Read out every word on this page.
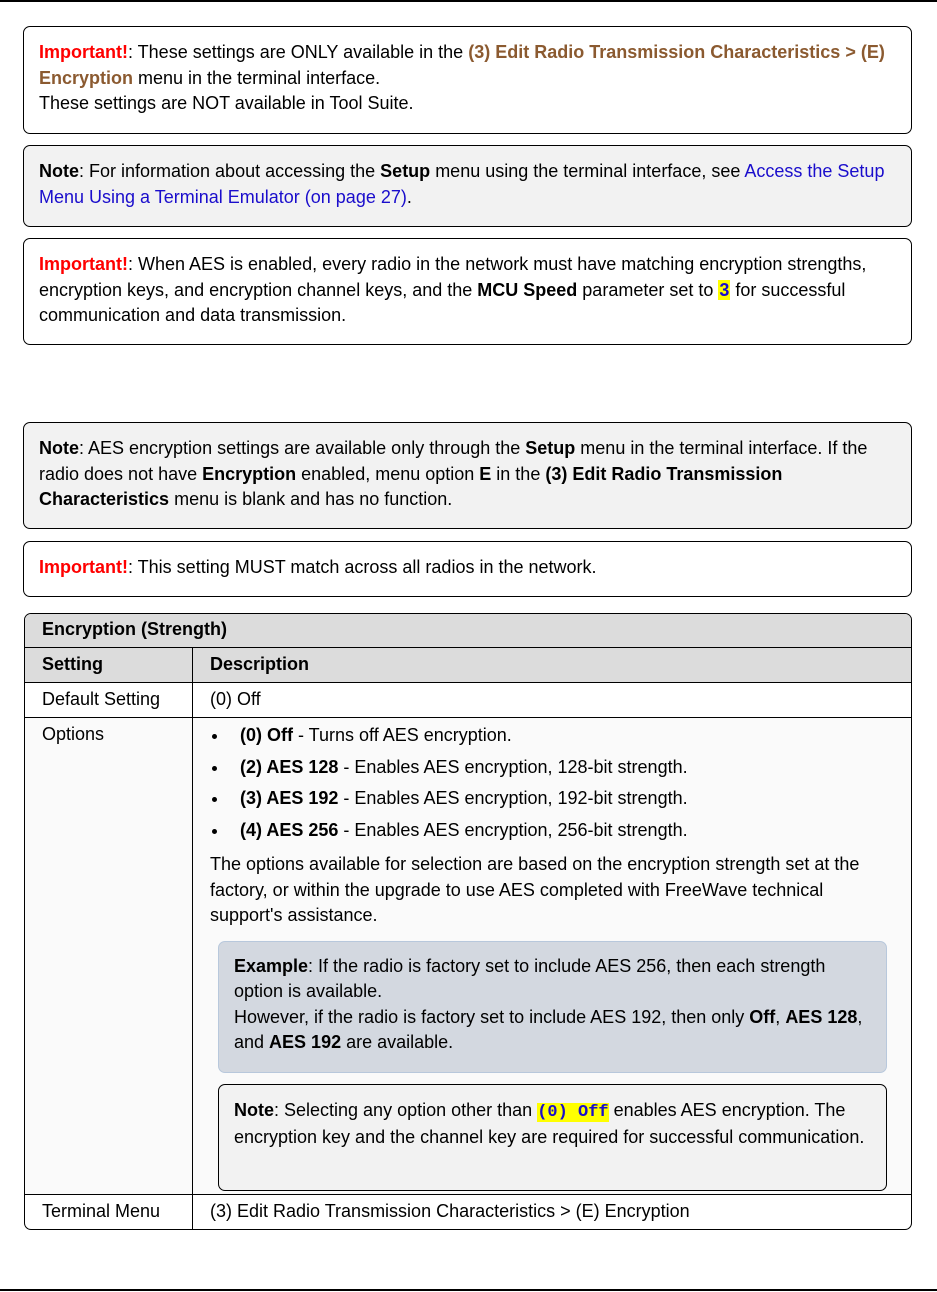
Important!: These settings are ONLY available in the (3) Edit Radio Transmission Characteristics > (E) Encryption menu in the terminal interface.
These settings are NOT available in Tool Suite.
Note: For information about accessing the Setup menu using the terminal interface, see Access the Setup Menu Using a Terminal Emulator (on page 27).
Important!: When AES is enabled, every radio in the network must have matching encryption strengths, encryption keys, and encryption channel keys, and the MCU Speed parameter set to 3 for successful communication and data transmission.
Note: AES encryption settings are available only through the Setup menu in the terminal interface. If the radio does not have Encryption enabled, menu option E in the (3) Edit Radio Transmission Characteristics menu is blank and has no function.
Important!: This setting MUST match across all radios in the network.
Encryption (Strength)
Setting	Description
Default Setting	(0) Off
Options	(0) Off - Turns off AES encryption.
(2) AES 128 - Enables AES encryption, 128-bit strength.
(3) AES 192 - Enables AES encryption, 192-bit strength.
(4) AES 256 - Enables AES encryption, 256-bit strength.
The options available for selection are based on the encryption strength set at the factory, or within the upgrade to use AES completed with FreeWave technical support's assistance.
Example: If the radio is factory set to include AES 256, then each strength option is available.
However, if the radio is factory set to include AES 192, then only Off, AES 128, and AES 192 are available.
Note: Selecting any option other than (0) Off enables AES encryption. The encryption key and the channel key are required for successful communication.
Terminal Menu	(3) Edit Radio Transmission Characteristics > (E) Encryption
